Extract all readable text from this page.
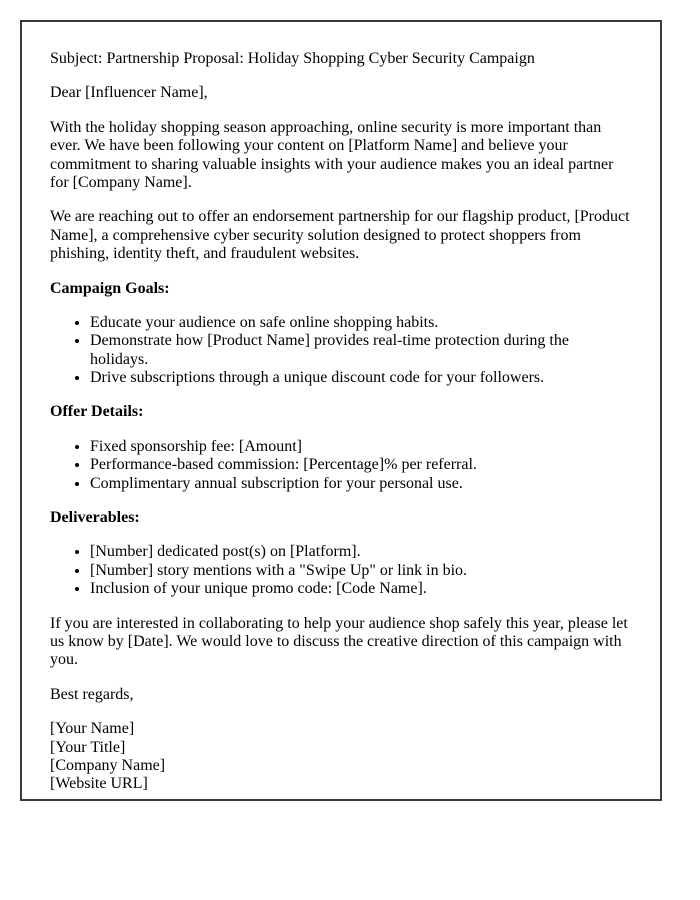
Subject: Partnership Proposal: Holiday Shopping Cyber Security Campaign

Dear [Influencer Name],

With the holiday shopping season approaching, online security is more important than ever. We have been following your content on [Platform Name] and believe your commitment to sharing valuable insights with your audience makes you an ideal partner for [Company Name].

We are reaching out to offer an endorsement partnership for our flagship product, [Product Name], a comprehensive cyber security solution designed to protect shoppers from phishing, identity theft, and fraudulent websites.

Campaign Goals:

• Educate your audience on safe online shopping habits.
• Demonstrate how [Product Name] provides real-time protection during the holidays.
• Drive subscriptions through a unique discount code for your followers.

Offer Details:

• Fixed sponsorship fee: [Amount]
• Performance-based commission: [Percentage]% per referral.
• Complimentary annual subscription for your personal use.

Deliverables:

• [Number] dedicated post(s) on [Platform].
• [Number] story mentions with a "Swipe Up" or link in bio.
• Inclusion of your unique promo code: [Code Name].

If you are interested in collaborating to help your audience shop safely this year, please let us know by [Date]. We would love to discuss the creative direction of this campaign with you.

Best regards,

[Your Name]
[Your Title]
[Company Name]
[Website URL]
